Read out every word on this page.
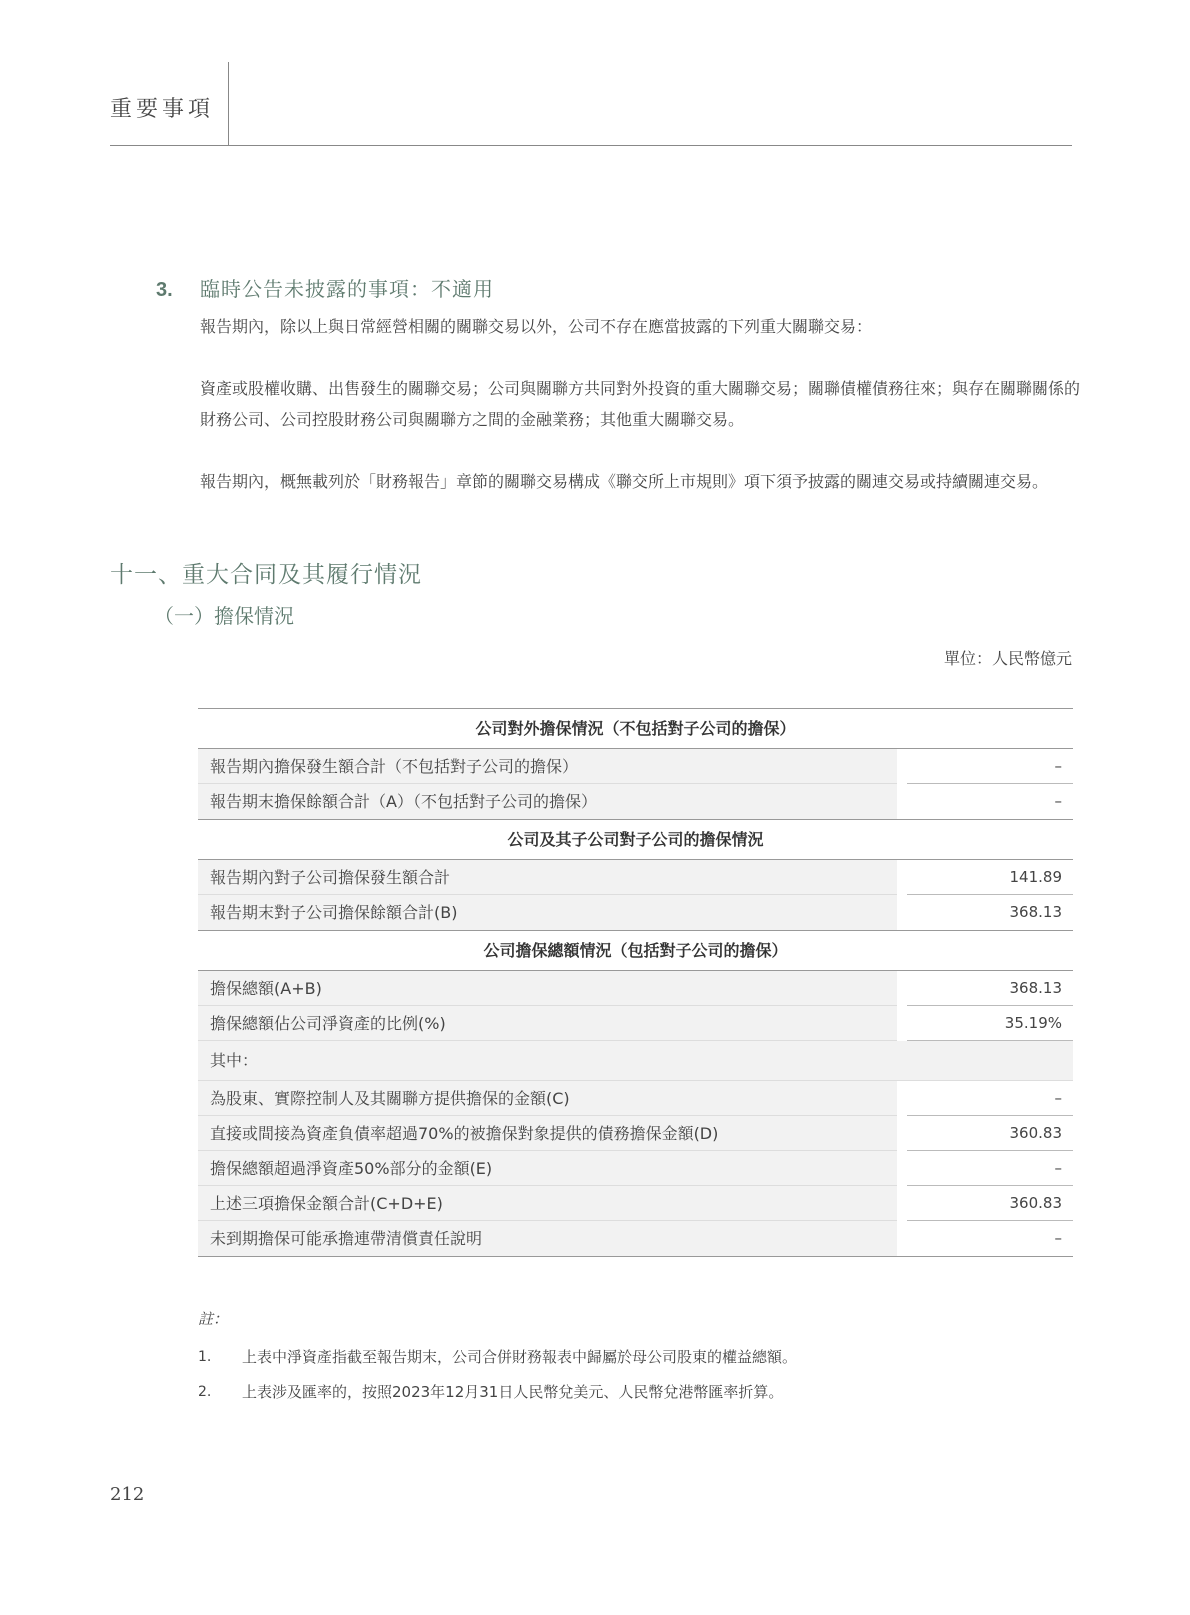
重要事項
3. 臨時公告未披露的事項：不適用

報告期內，除以上與日常經營相關的關聯交易以外，公司不存在應當披露的下列重大關聯交易：

資產或股權收購、出售發生的關聯交易；公司與關聯方共同對外投資的重大關聯交易；關聯債權債務往來；與存在關聯關係的財務公司、公司控股財務公司與關聯方之間的金融業務；其他重大關聯交易。

報告期內，概無載列於「財務報告」章節的關聯交易構成《聯交所上市規則》項下須予披露的關連交易或持續關連交易。

十一、重大合同及其履行情況
（一）擔保情況
單位：人民幣億元
公司對外擔保情況（不包括對子公司的擔保）
報告期內擔保發生額合計（不包括對子公司的擔保）	–
報告期末擔保餘額合計（A）（不包括對子公司的擔保）	–
公司及其子公司對子公司的擔保情況
報告期內對子公司擔保發生額合計	141.89
報告期末對子公司擔保餘額合計(B)	368.13
公司擔保總額情況（包括對子公司的擔保）
擔保總額(A+B)	368.13
擔保總額佔公司淨資產的比例(%)	35.19%
其中：
為股東、實際控制人及其關聯方提供擔保的金額(C)	–
直接或間接為資產負債率超過70%的被擔保對象提供的債務擔保金額(D)	360.83
擔保總額超過淨資產50%部分的金額(E)	–
上述三項擔保金額合計(C+D+E)	360.83
未到期擔保可能承擔連帶清償責任說明	–
註：
1.	上表中淨資產指截至報告期末，公司合併財務報表中歸屬於母公司股東的權益總額。
2.	上表涉及匯率的，按照2023年12月31日人民幣兌美元、人民幣兌港幣匯率折算。
212
